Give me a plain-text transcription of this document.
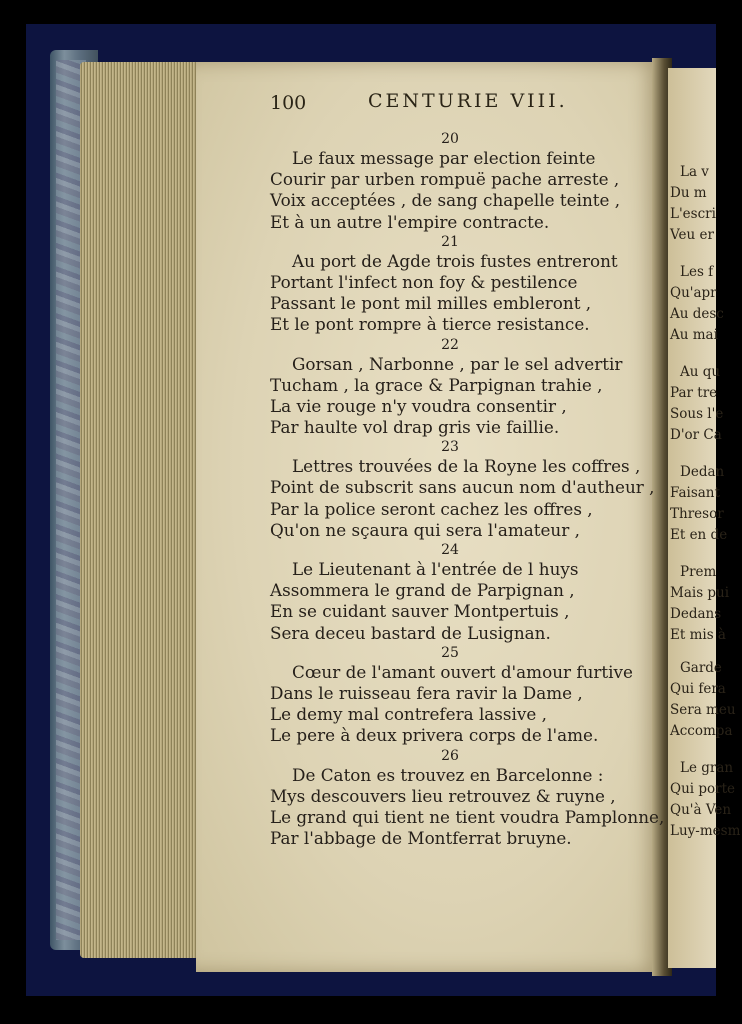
La v
Du m
L'escri
Veu er
Les f
Qu'apr
Au desc
Au mai
Au qu
Par tre
Sous l'e
D'or Ca
Dedan
Faisant
Thresor
Et en de
Prem
Mais pui
Dedans
Et mis à
Garde
Qui fera
Sera meu
Accompa
Le gran
Qui porte
Qu'à Ven
Luy-mesm
100	CENTURIE VIII.
20
Le faux message par election feinte
Courir par urben rompuë pache arreste ,
Voix acceptées , de sang chapelle teinte ,
Et à un autre l'empire contracte.
21
Au port de Agde trois fustes entreront
Portant l'infect non foy & pestilence
Passant le pont mil milles embleront ,
Et le pont rompre à tierce resistance.
22
Gorsan , Narbonne , par le sel advertir
Tucham , la grace & Parpignan trahie ,
La vie rouge n'y voudra consentir ,
Par haulte vol drap gris vie faillie.
23
Lettres trouvées de la Royne les coffres ,
Point de subscrit sans aucun nom d'autheur ,
Par la police seront cachez les offres ,
Qu'on ne sçaura qui sera l'amateur ,
24
Le Lieutenant à l'entrée de l huys
Assommera le grand de Parpignan ,
En se cuidant sauver Montpertuis ,
Sera deceu bastard de Lusignan.
25
Cœur de l'amant ouvert d'amour furtive
Dans le ruisseau fera ravir la Dame ,
Le demy mal contrefera lassive ,
Le pere à deux privera corps de l'ame.
26
De Caton es trouvez en Barcelonne :
Mys descouvers lieu retrouvez & ruyne ,
Le grand qui tient ne tient voudra Pamplonne,
Par l'abbage de Montferrat bruyne.
